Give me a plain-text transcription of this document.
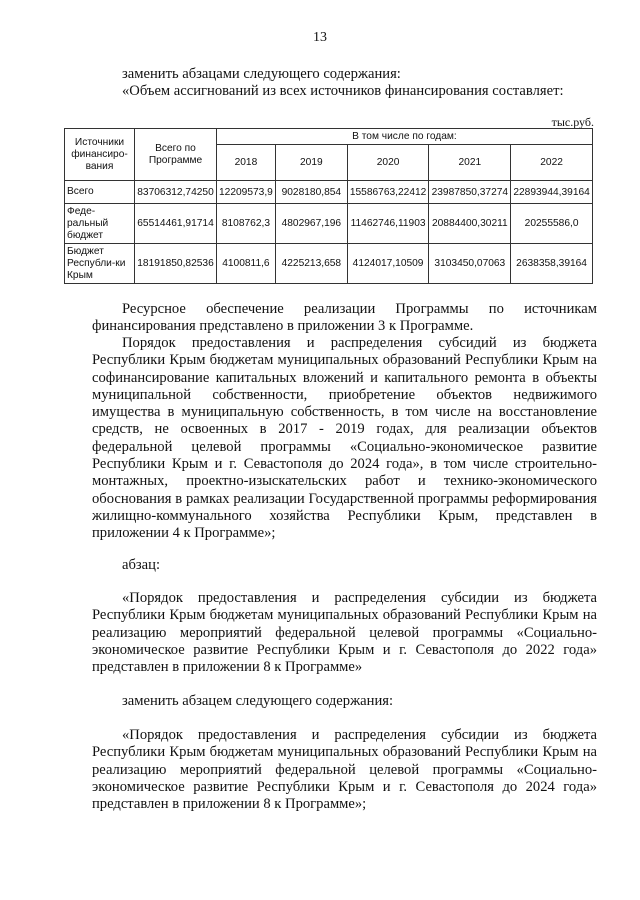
13
заменить абзацами следующего содержания:
«Объем ассигнований из всех источников финансирования составляет:
тыс.руб.
Источники финансиро-вания	Всего по Программе	В том числе по годам:				
		2018	2019	2020	2021	2022
Всего	83706312,74250	12209573,9	9028180,854	15586763,22412	23987850,37274	22893944,39164
Феде-ральный бюджет	65514461,91714	8108762,3	4802967,196	11462746,11903	20884400,30211	20255586,0
Бюджет Республи-ки Крым	18191850,82536	4100811,6	4225213,658	4124017,10509	3103450,07063	2638358,39164

Ресурсное обеспечение реализации Программы по источникам финансирования представлено в приложении 3 к Программе.

Порядок предоставления и распределения субсидий из бюджета Республики Крым бюджетам муниципальных образований Республики Крым на софинансирование капитальных вложений и капитального ремонта в объекты муниципальной собственности, приобретение объектов недвижимого имущества в муниципальную собственность, в том числе на восстановление средств, не освоенных в 2017 - 2019 годах, для реализации объектов федеральной целевой программы «Социально-экономическое развитие Республики Крым и г. Севастополя до 2024 года», в том числе строительно-монтажных, проектно-изыскательских работ и технико-экономического обоснования в рамках реализации Государственной программы реформирования жилищно-коммунального хозяйства Республики Крым, представлен в приложении 4 к Программе»;

абзац:

«Порядок предоставления и распределения субсидии из бюджета Республики Крым бюджетам муниципальных образований Республики Крым на реализацию мероприятий федеральной целевой программы «Социально-экономическое развитие Республики Крым и г. Севастополя до 2022 года» представлен в приложении 8 к Программе»

заменить абзацем следующего содержания:

«Порядок предоставления и распределения субсидии из бюджета Республики Крым бюджетам муниципальных образований Республики Крым на реализацию мероприятий федеральной целевой программы «Социально-экономическое развитие Республики Крым и г. Севастополя до 2024 года» представлен в приложении 8 к Программе»;
